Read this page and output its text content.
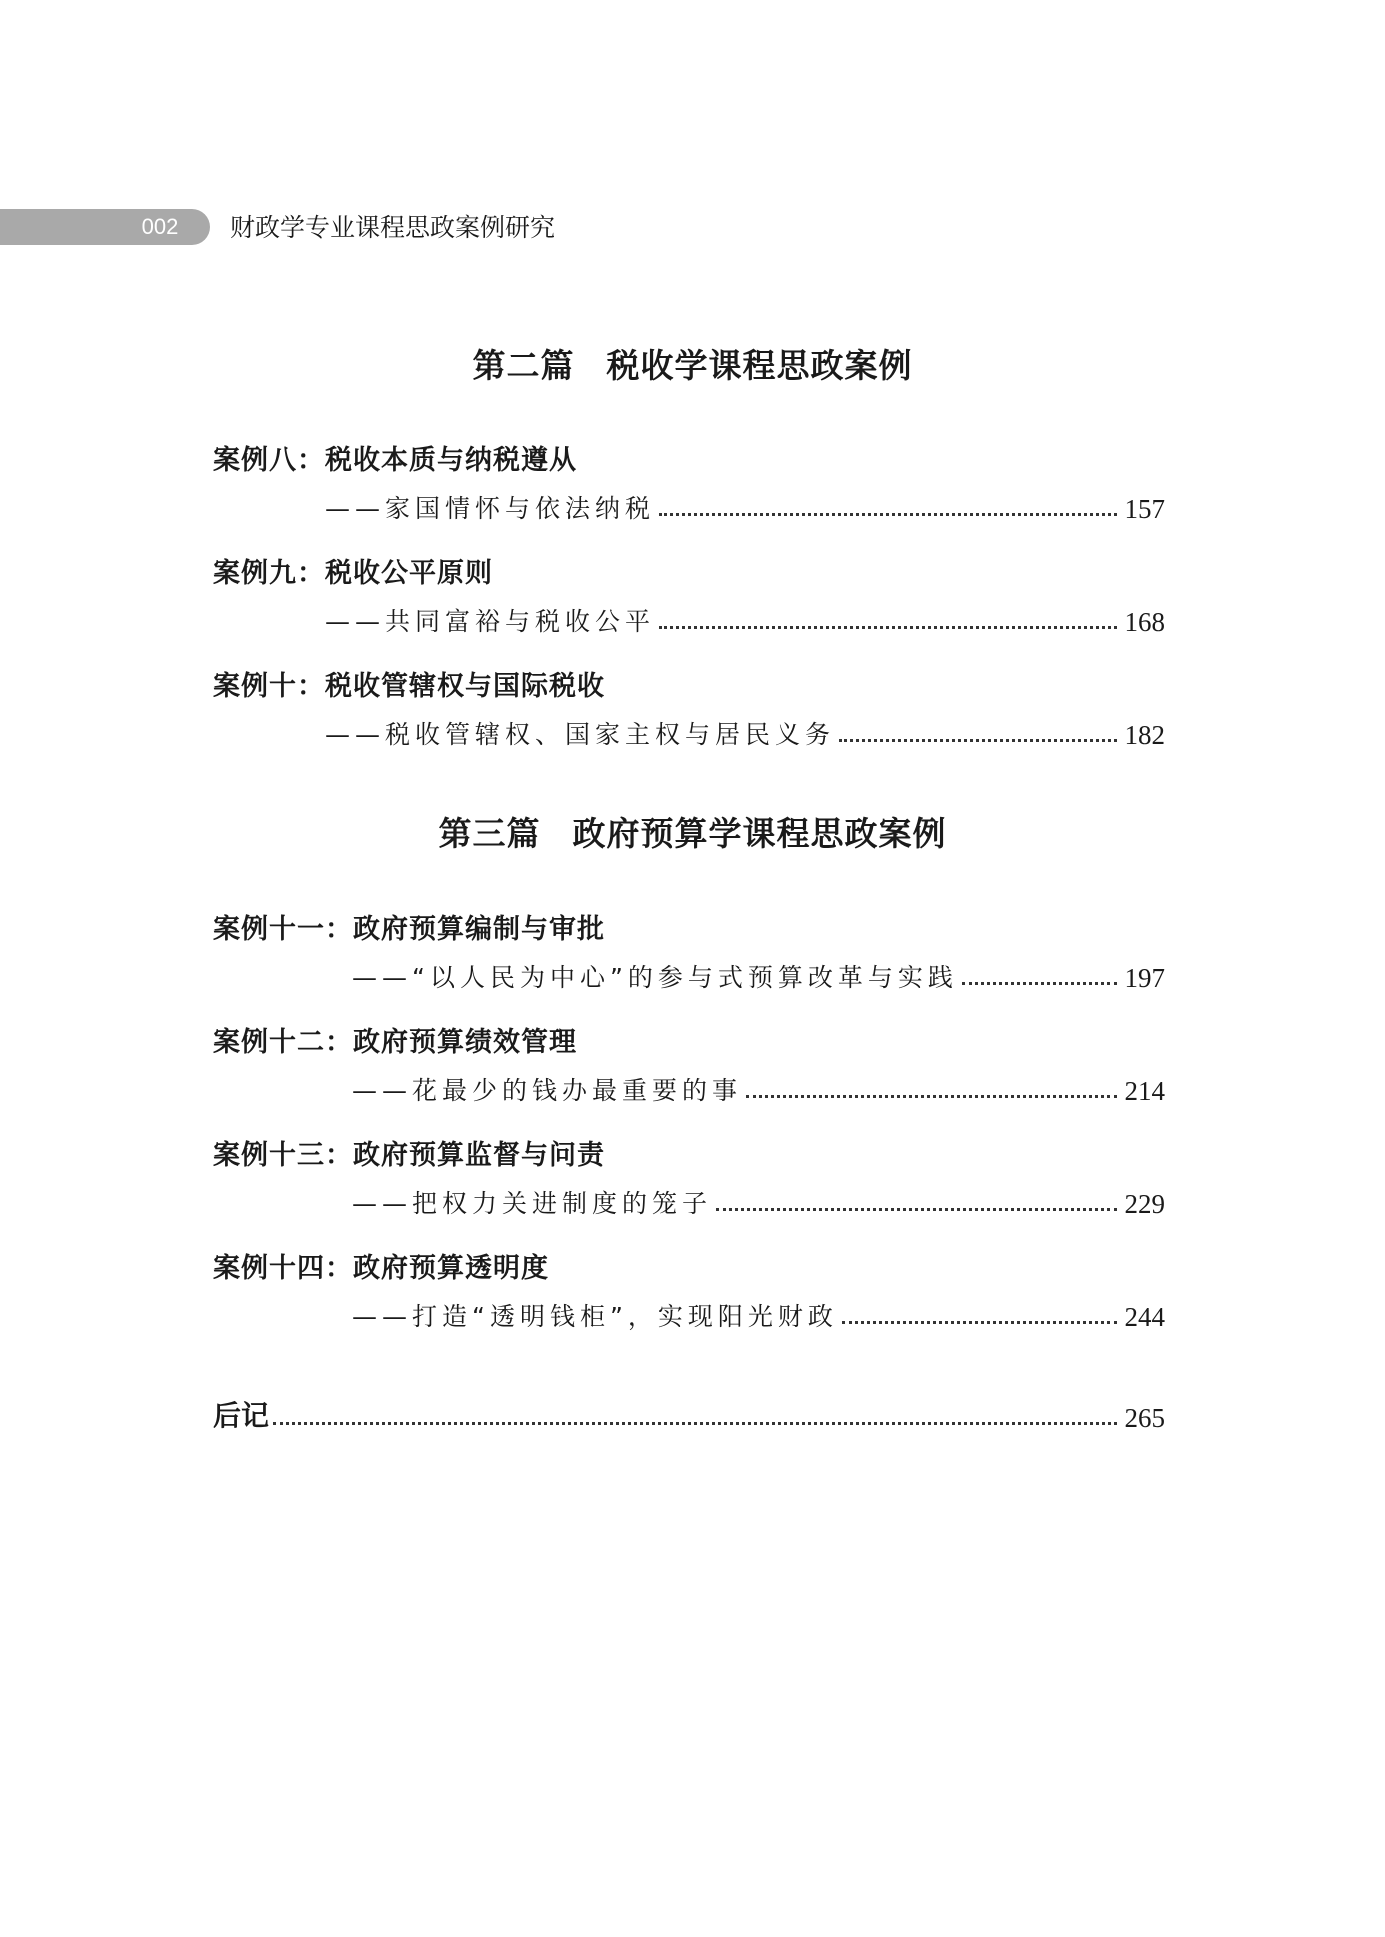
002	财政学专业课程思政案例研究
第二篇 税收学课程思政案例
案例八：税收本质与纳税遵从
——家国情怀与依法纳税	157
案例九：税收公平原则
——共同富裕与税收公平	168
案例十：税收管辖权与国际税收
——税收管辖权、国家主权与居民义务	182
第三篇 政府预算学课程思政案例
案例十一：政府预算编制与审批
——“以人民为中心”的参与式预算改革与实践	197
案例十二：政府预算绩效管理
——花最少的钱办最重要的事	214
案例十三：政府预算监督与问责
——把权力关进制度的笼子	229
案例十四：政府预算透明度
——打造“透明钱柜”，实现阳光财政	244
后记	265
